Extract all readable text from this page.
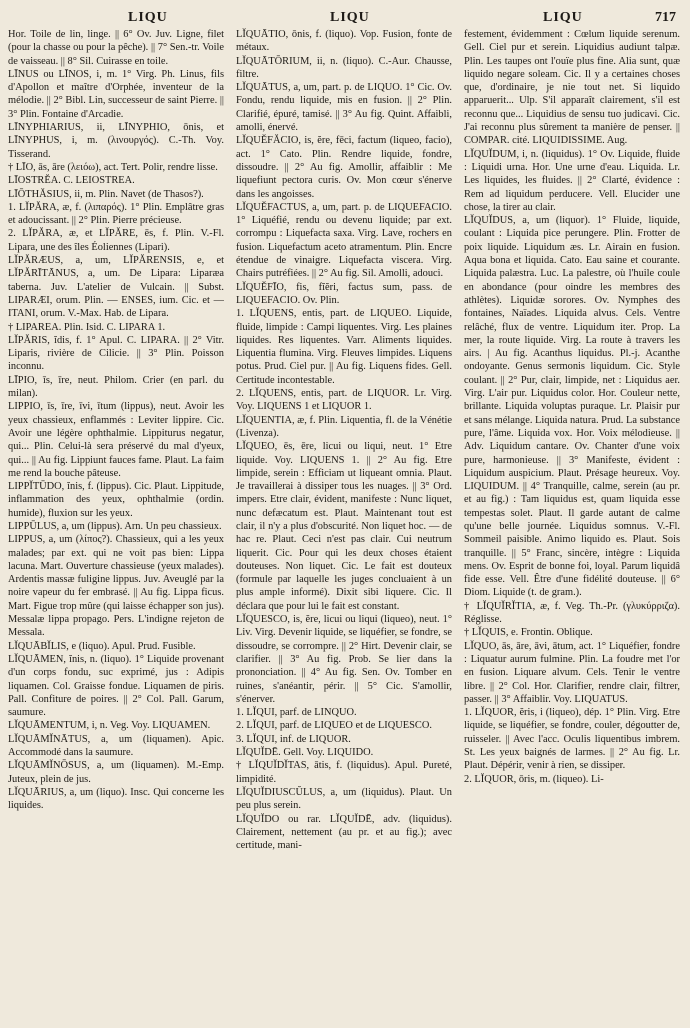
LIQU	LIQU	LIQU	717

Hor. Toile de lin, linge. || 6° Ov. Juv. Ligne, filet (pour la chasse ou pour la pêche). || 7° Sen.-tr. Voile de vaisseau. || 8° Sil. Cuirasse en toile.

LĪNUS ou LĪNOS, i, m. 1° Virg. Ph. Linus, fils d'Apollon et maître d'Orphée, inventeur de la mélodie. || 2° Bibl. Lin, successeur de saint Pierre. || 3° Plin. Fontaine d'Arcadie.

LĪNYPHIARIUS, ii, LĪNYPHIO, ōnis, et LĪNYPHUS, i, m. (λινουργός). C.-Th. Voy. Tisserand.

† LĪO, ās, āre (λειόω), act. Tert. Polir, rendre lisse.

LĪOSTRĔA. C. LEIOSTREA.

LĪŌTHĂSIUS, ii, m. Plin. Navet (de Thasos?).

1. LĬPĂRA, æ, f. (λιπαρός). 1° Plin. Emplâtre gras et adoucissant. || 2° Plin. Pierre précieuse.

2. LĬPĂRA, æ, et LĬPĂRE, ēs, f. Plin. V.-Fl. Lipara, une des îles Éoliennes (Lipari).

LĬPĂRÆUS, a, um, LĬPĂRENSIS, e, et LĬPĂRĪTĀNUS, a, um. De Lipara: Liparæa taberna. Juv. L'atelier de Vulcain. || Subst. LIPARÆI, orum. Plin. — ENSES, ium. Cic. et — ITANI, orum. V.-Max. Hab. de Lipara.

† LIPAREA. Plin. Isid. C. LIPARA 1.

LĬPĂRIS, ĭdis, f. 1° Apul. C. LIPARA. || 2° Vitr. Liparis, rivière de Cilicie. || 3° Plin. Poisson inconnu.

LĪPIO, īs, īre, neut. Philom. Crier (en parl. du milan).

LIPPIO, īs, īre, īvi, ītum (lippus), neut. Avoir les yeux chassieux, enflammés : Leviter lippire. Cic. Avoir une légère ophthalmie. Lippiturus negatur, qui... Plin. Celui-là sera préservé du mal d'yeux, qui... || Au fig. Lippiunt fauces fame. Plaut. La faim me rend la bouche pâteuse.

LIPPĬTŪDO, ĭnis, f. (lippus). Cic. Plaut. Lippitude, inflammation des yeux, ophthalmie (ordin. humide), fluxion sur les yeux.

LIPPŪLUS, a, um (lippus). Arn. Un peu chassieux.

LIPPUS, a, um (λίπος?). Chassieux, qui a les yeux malades; par ext. qui ne voit pas bien: Lippa lacuna. Mart. Ouverture chassieuse (yeux malades). Ardentis massæ fuligine lippus. Juv. Aveuglé par la noire vapeur du fer embrasé. || Au fig. Lippa ficus. Mart. Figue trop mûre (qui laisse échapper son jus). Messalæ lippa propago. Pers. L'indigne rejeton de Messala.

LĬQUĀBĬLIS, e (liquo). Apul. Prud. Fusible.

LĬQUĀMEN, ĭnis, n. (liquo). 1° Liquide provenant d'un corps fondu, suc exprimé, jus : Adipis liquamen. Col. Graisse fondue. Liquamen de piris. Pall. Confiture de poires. || 2° Col. Pall. Garum, saumure.

LĬQUĀMENTUM, i, n. Veg. Voy. LIQUAMEN.

LĬQUĀMĬNĀTUS, a, um (liquamen). Apic. Accommodé dans la saumure.

LĬQUĀMĬNŌSUS, a, um (liquamen). M.-Emp. Juteux, plein de jus.

LĬQUĀRIUS, a, um (liquo). Insc. Qui concerne les liquides.

LĬQUĀTIO, ōnis, f. (liquo). Vop. Fusion, fonte de métaux.

LĬQUĀTŌRIUM, ii, n. (liquo). C.-Aur. Chausse, filtre.

LĬQUĀTUS, a, um, part. p. de LIQUO. 1° Cic. Ov. Fondu, rendu liquide, mis en fusion. || 2° Plin. Clarifié, épuré, tamisé. || 3° Au fig. Quint. Affaibli, amolli, énervé.

LĬQUĔFĂCIO, is, ĕre, fēci, factum (liqueo, facio), act. 1° Cato. Plin. Rendre liquide, fondre, dissoudre. || 2° Au fig. Amollir, affaiblir : Me liquefiunt pectora curis. Ov. Mon cœur s'énerve dans les angoisses.

LĬQUĔFACTUS, a, um, part. p. de LIQUEFACIO. 1° Liquéfié, rendu ou devenu liquide; par ext. corrompu : Liquefacta saxa. Virg. Lave, rochers en fusion. Liquefactum aceto atramentum. Plin. Encre étendue de vinaigre. Liquefacta viscera. Virg. Chairs putréfiées. || 2° Au fig. Sil. Amolli, adouci.

LĬQUĔFĪO, fis, fĭĕri, factus sum, pass. de LIQUEFACIO. Ov. Plin.

1. LĬQUENS, entis, part. de LIQUEO. Liquide, fluide, limpide : Campi liquentes. Virg. Les plaines liquides. Res liquentes. Varr. Aliments liquides. Liquentia flumina. Virg. Fleuves limpides. Liquens potus. Prud. Ciel pur. || Au fig. Liquens fides. Gell. Certitude incontestable.

2. LĬQUENS, entis, part. de LIQUOR. Lr. Virg. Voy. LIQUENS 1 et LIQUOR 1.

LĬQUENTIA, æ, f. Plin. Liquentia, fl. de la Vénétie (Livenza).

LĬQUEO, ēs, ēre, licui ou liqui, neut. 1° Etre liquide. Voy. LIQUENS 1. || 2° Au fig. Etre limpide, serein : Efficiam ut liqueant omnia. Plaut. Je travaillerai à dissiper tous les nuages. || 3° Ord. impers. Etre clair, évident, manifeste : Nunc liquet, nunc defæcatum est. Plaut. Maintenant tout est clair, il n'y a plus d'obscurité. Non liquet hoc. — de hac re. Plaut. Ceci n'est pas clair. Cui neutrum liquerit. Cic. Pour qui les deux choses étaient douteuses. Non liquet. Cic. Le fait est douteux (formule par laquelle les juges concluaient à un plus ample informé). Dixit sibi liquere. Cic. Il déclara que pour lui le fait est constant.

LĬQUESCO, is, ĕre, licui ou liqui (liqueo), neut. 1° Liv. Virg. Devenir liquide, se liquéfier, se fondre, se dissoudre, se corrompre. || 2° Hirt. Devenir clair, se clarifier. || 3° Au fig. Prob. Se lier dans la prononciation. || 4° Au fig. Sen. Ov. Tomber en ruines, s'anéantir, périr. || 5° Cic. S'amollir, s'énerver.

1. LĬQUI, parf. de LINQUO.

2. LĬQUI, parf. de LIQUEO et de LIQUESCO.

3. LĬQUI, inf. de LIQUOR.

LĬQUĬDĒ. Gell. Voy. LIQUIDO.

† LĬQUĬDĬTAS, ātis, f. (liquidus). Apul. Pureté, limpidité.

LĬQUĬDIUSCŬLUS, a, um (liquidus). Plaut. Un peu plus serein.

LĬQUĬDO ou rar. LĬQUĬDĒ, adv. (liquidus). Clairement, nettement (au pr. et au fig.); avec certitude, mani-

festement, évidemment : Cœlum liquide serenum. Gell. Ciel pur et serein. Liquidius audiunt talpæ. Plin. Les taupes ont l'ouïe plus fine. Alia sunt, quæ liquido negare soleam. Cic. Il y a certaines choses que, d'ordinaire, je nie tout net. Si liquido apparuerit... Ulp. S'il apparaît clairement, s'il est reconnu que... Liquidius de sensu tuo judicavi. Cic. J'ai reconnu plus sûrement ta manière de penser. || COMPAR. cité. LIQUIDISSIME. Aug.

LĬQUĬDUM, i, n. (liquidus). 1° Ov. Liquide, fluide : Liquidi urna. Hor. Une urne d'eau. Liquida. Lr. Les liquides, les fluides. || 2° Clarté, évidence : Rem ad liquidum perducere. Vell. Elucider une chose, la tirer au clair.

LĬQUĬDUS, a, um (liquor). 1° Fluide, liquide, coulant : Liquida pice perungere. Plin. Frotter de poix liquide. Liquidum æs. Lr. Airain en fusion. Aqua bona et liquida. Cato. Eau saine et courante. Liquida palæstra. Luc. La palestre, où l'huile coule en abondance (pour oindre les membres des athlètes). Liquidæ sorores. Ov. Nymphes des fontaines, Naïades. Liquida alvus. Cels. Ventre relâché, flux de ventre. Liquidum iter. Prop. La mer, la route liquide. Virg. La route à travers les airs. | Au fig. Acanthus liquidus. Pl.-j. Acanthe ondoyante. Genus sermonis liquidum. Cic. Style coulant. || 2° Pur, clair, limpide, net : Liquidus aer. Virg. L'air pur. Liquidus color. Hor. Couleur nette, brillante. Liquida voluptas puraque. Lr. Plaisir pur et sans mélange. Liquida natura. Prud. La substance pure, l'âme. Liquida vox. Hor. Voix mélodieuse. || Adv. Liquidum cantare. Ov. Chanter d'une voix pure, harmonieuse. || 3° Manifeste, évident : Liquidum auspicium. Plaut. Présage heureux. Voy. LIQUIDUM. || 4° Tranquille, calme, serein (au pr. et au fig.) : Tam liquidus est, quam liquida esse tempestas solet. Plaut. Il garde autant de calme qu'une belle journée. Liquidus somnus. V.-Fl. Sommeil paisible. Animo liquido es. Plaut. Sois tranquille. || 5° Franc, sincère, intègre : Liquida mens. Ov. Esprit de bonne foi, loyal. Parum liquidâ fide esse. Vell. Être d'une fidélité douteuse. || 6° Diom. Liquide (t. de gram.).

† LĬQUĬRĬTIA, æ, f. Veg. Th.-Pr. (γλυκύρριζα). Réglisse.

† LĬQUIS, e. Frontin. Oblique.

LĬQUO, ās, āre, āvi, ātum, act. 1° Liquéfier, fondre : Liquatur aurum fulmine. Plin. La foudre met l'or en fusion. Liquare alvum. Cels. Tenir le ventre libre. || 2° Col. Hor. Clarifier, rendre clair, filtrer, passer. || 3° Affaiblir. Voy. LIQUATUS.

1. LĬQUOR, ĕris, i (liqueo), dép. 1° Plin. Virg. Etre liquide, se liquéfier, se fondre, couler, dégoutter de, ruisseler. || Avec l'acc. Oculis liquentibus imbrem. St. Les yeux baignés de larmes. || 2° Au fig. Lr. Plaut. Dépérir, venir à rien, se dissiper.

2. LĬQUOR, ōris, m. (liqueo). Li-
